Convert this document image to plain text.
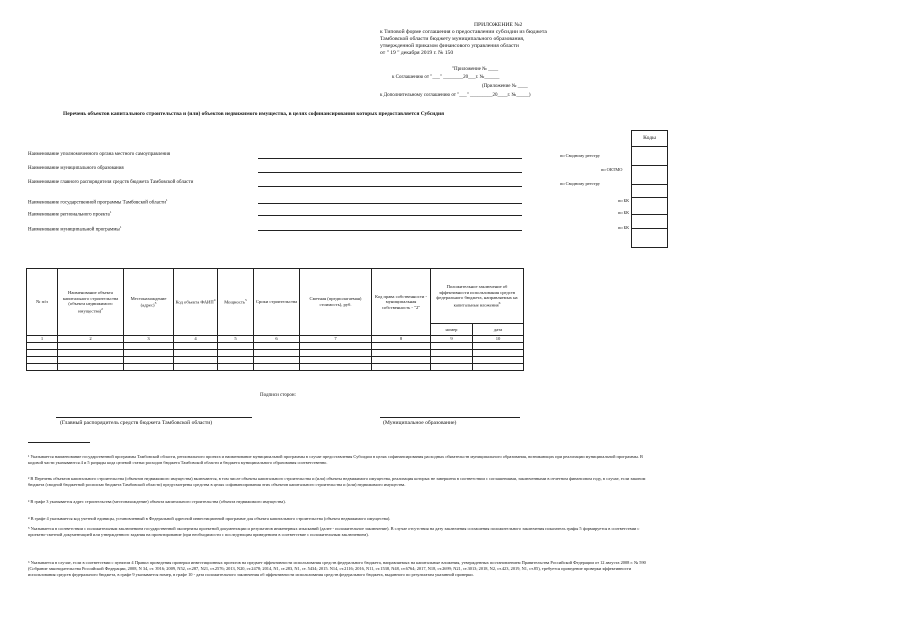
ПРИЛОЖЕНИЕ №2
к Типовой форме соглашения о предоставлении субсидии из бюджета
Тамбовской области бюджету муниципального образования,
утвержденной приказом финансового управления области
от " 19 " декабря 2019 г. № 150
"Приложение № ____
к Соглашению от "___" ________20___г. №______
(Приложение № ____
к Дополнительному соглашению от "___" _________20____г. №_____)
Перечень объектов капитального строительства и (или) объектов недвижимого имущества, в целях софинансирования которых предоставляется Субсидия
Коды
Наименование уполномоченного органа местного самоуправления	по Сводному реестру
Наименование муниципального образования	по ОКТМО
Наименование главного распорядителя средств бюджета Тамбовской области	по Сводному реестру
Наименование государственной программы Тамбовской области$^1$	по БК
Наименование регионального проекта$^1$	по БК
Наименование муниципальной программы$^1$	по БК
№ п/п	Наименование объекта капитального строительства (объекта недвижимого имущества)$^2$	Местонахождение (адрес)$^3$	Код объекта ФАИП$^4$	Мощность$^5$	Сроки строительства	Сметная (предполагаемая) стоимость), руб.	Код права собственности - муниципальная собственность - "2"	Положительное заключение об эффективности использования средств федерального бюджета, направляемых на капитальные вложения$^6$
								номер	дата
1	2	3	4	5	6	7	8	9	10

Подписи сторон:
(Главный распорядитель средств бюджета Тамбовской области)	(Муниципальное образование)
¹ Указывается наименование государственной программы Тамбовской области, регионального проекта и наименование муниципальной программы в случае предоставления Субсидии в целях софинансирования расходных обязательств муниципального образования, возникающих при реализации муниципальной программы. В кодовой части указываются 4 и 5 разряды кода целевой статьи расходов бюджета Тамбовской области и бюджета муниципального образования соответственно.
² В Перечень объектов капитального строительства (объектов недвижимого имущества) включаются, в том числе объекты капитального строительства и (или) объекты недвижимого имущества, реализация которых не завершена в соответствии с соглашениями, заключенными в отчетном финансовом году, в случае, если законом бюджета (сводной бюджетной росписью бюджета Тамбовской области) предусмотрены средства в целях софинансирования этих объектов капитального строительства и (или) недвижимого имущества.
³ В графе 3 указывается адрес строительства (местонахождение) объекта капитального строительства (объекта недвижимого имущества).
⁴ В графе 4 указывается код учетной единицы, установленный в Федеральной адресной инвестиционной программе для объекта капитального строительства (объекта недвижимого имущества).
⁵ Указывается в соответствии с положительным заключением государственной экспертизы проектной документации и результатов инженерных изысканий (далее - положительное заключение). В случае отсутствия на дату заключения соглашения положительного заключения показатель графы 5 формируется в соответствии с проектно-сметной документацией или утвержденного задания на проектирование (при необходимости с последующим приведением в соответствие с положительным заключением).
⁶ Указывается в случае, если в соответствии с пунктом 4 Правил проведения проверки инвестиционных проектов на предмет эффективности использования средств федерального бюджета, направляемых на капитальные вложения, утвержденных постановлением Правительства Российской Федерации от 12 августа 2008 г. № 590 (Собрание законодательства Российской Федерации, 2008, N 34, ст. 3916; 2009, N52, ст.287, N21, ст.2576; 2013, N20, ст.2478; 2014, N1, ст.283, N1, ст. 5434; 2015. N14, ст.2116; 2016, N11, ст.1538, N48, ст.6764; 2017, N18, ст.2699; N21, ст.3013; 2018, N2, ст.423, 2019, N1, ст.85), требуется проведение проверки эффективности использования средств федерального бюджета, в графе 9 указывается номер, в графе 10 - дата положительного заключения об эффективности использования средств федерального бюджета, выданного по результатам указанной проверки.
